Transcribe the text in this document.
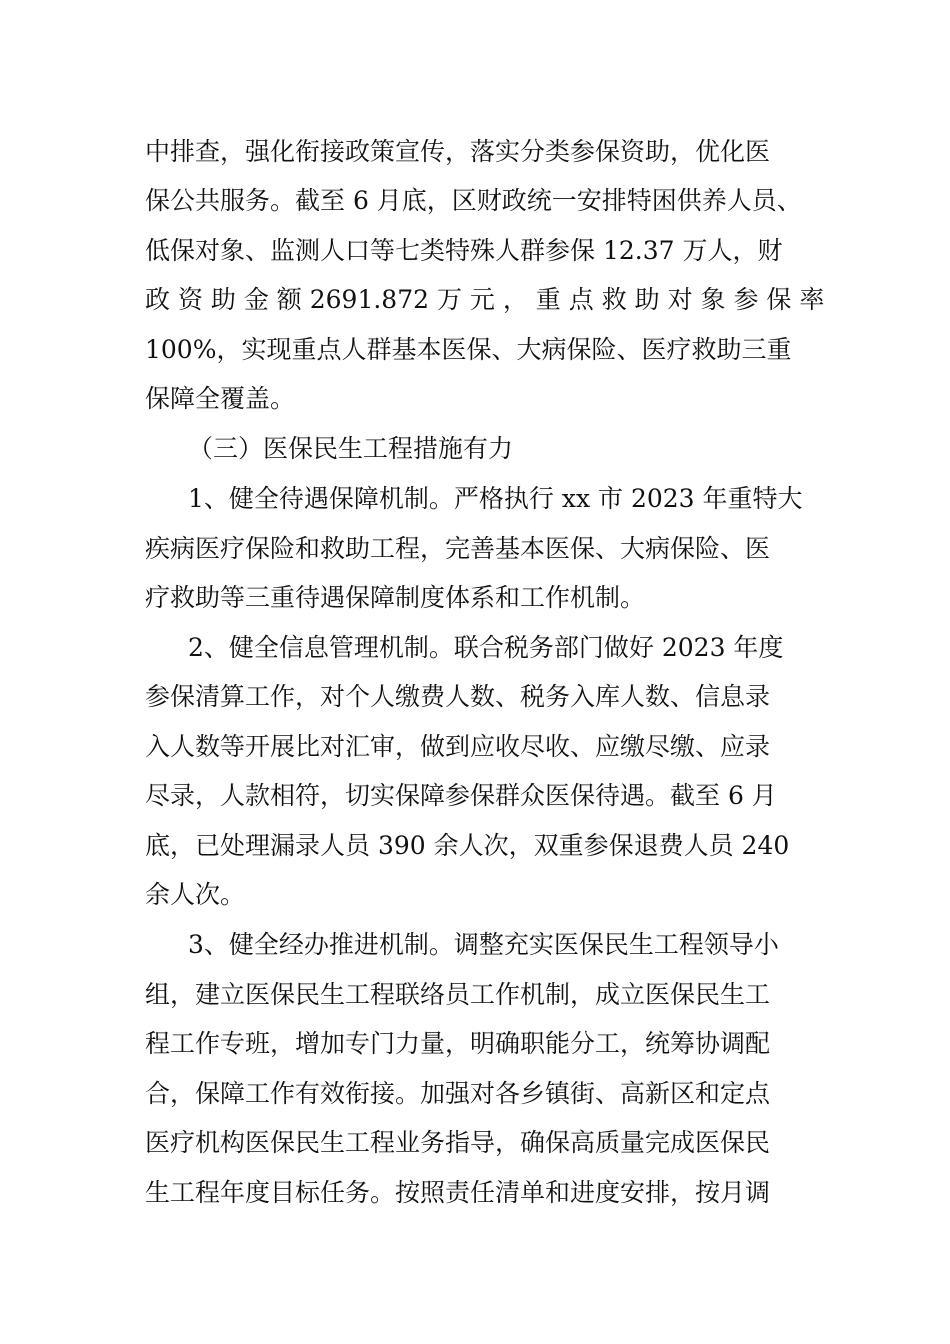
中排查，强化衔接政策宣传，落实分类参保资助，优化医
保公共服务。截至 6 月底，区财政统一安排特困供养人员、
低保对象、监测人口等七类特殊人群参保 12.37 万人，财
政 资 助 金 额 2691.872 万 元 ， 重 点 救 助 对 象 参 保 率
100%，实现重点人群基本医保、大病保险、医疗救助三重
保障全覆盖。
（三）医保民生工程措施有力
1、健全待遇保障机制。严格执行 xx 市 2023 年重特大
疾病医疗保险和救助工程，完善基本医保、大病保险、医
疗救助等三重待遇保障制度体系和工作机制。
2、健全信息管理机制。联合税务部门做好 2023 年度
参保清算工作，对个人缴费人数、税务入库人数、信息录
入人数等开展比对汇审，做到应收尽收、应缴尽缴、应录
尽录，人款相符，切实保障参保群众医保待遇。截至 6 月
底，已处理漏录人员 390 余人次，双重参保退费人员 240
余人次。
3、健全经办推进机制。调整充实医保民生工程领导小
组，建立医保民生工程联络员工作机制，成立医保民生工
程工作专班，增加专门力量，明确职能分工，统筹协调配
合，保障工作有效衔接。加强对各乡镇街、高新区和定点
医疗机构医保民生工程业务指导，确保高质量完成医保民
生工程年度目标任务。按照责任清单和进度安排，按月调
